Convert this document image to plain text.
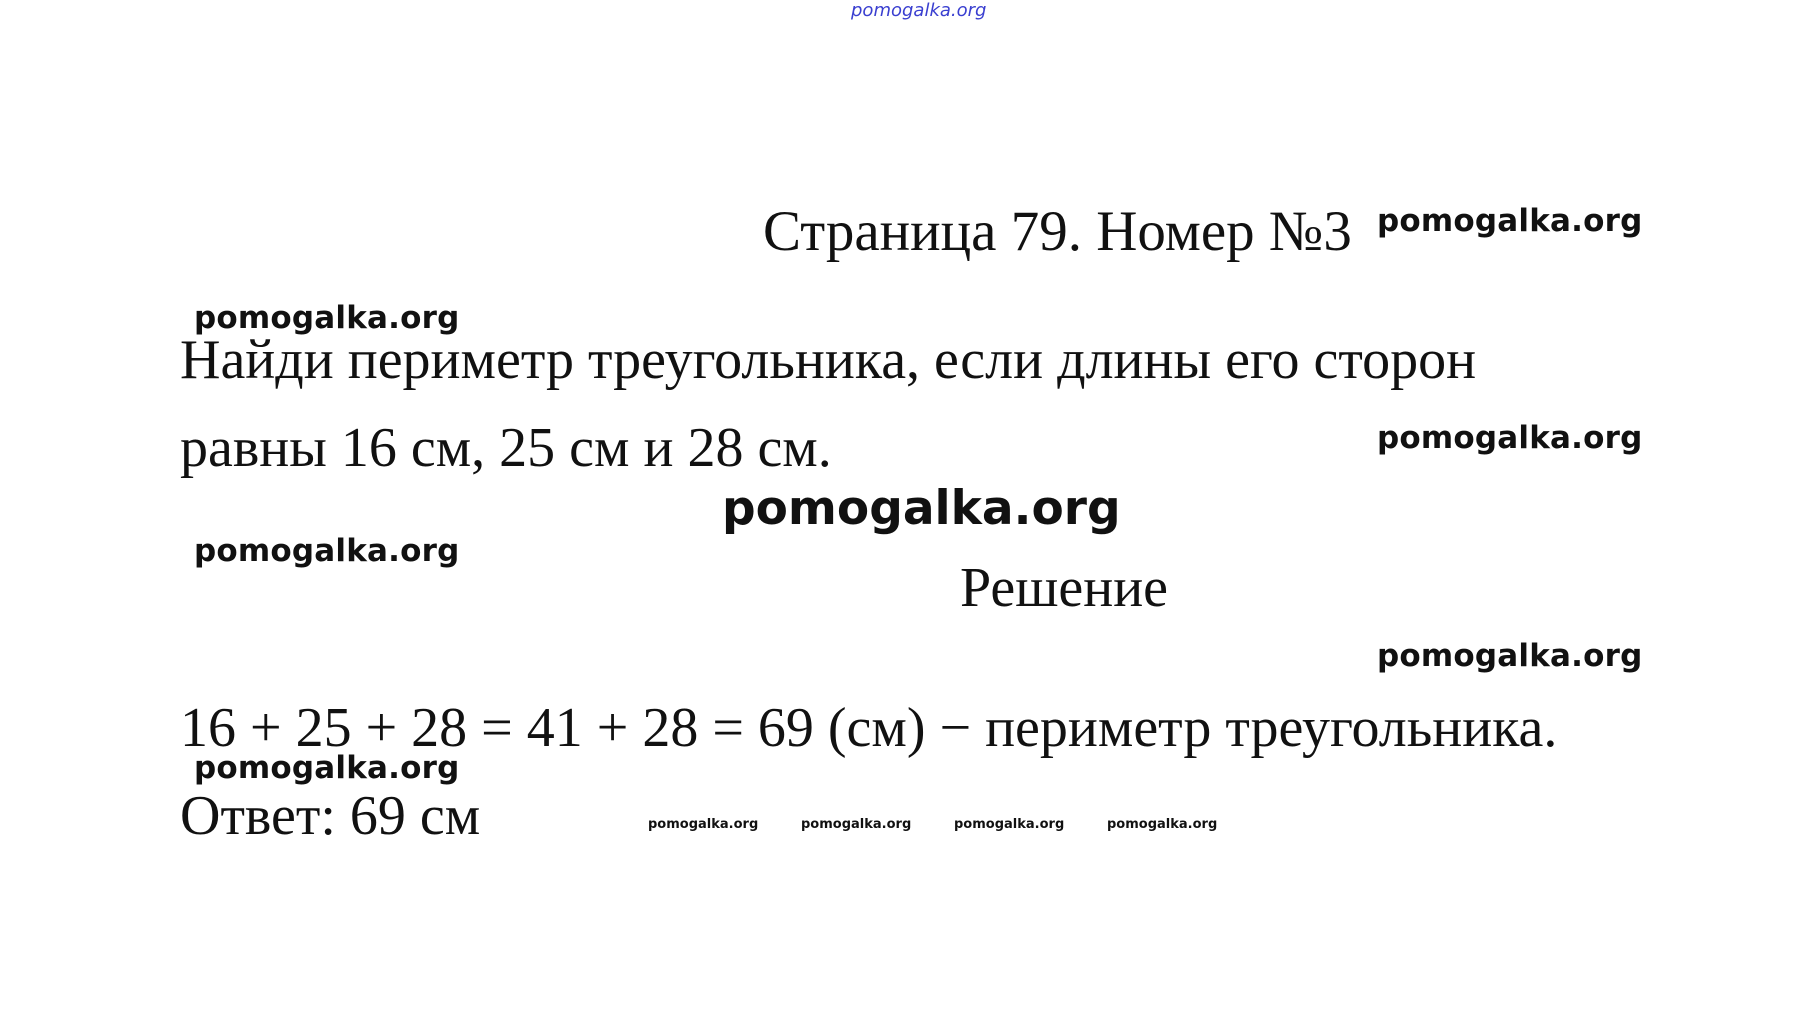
pomogalka.org
Страница 79. Номер №3 pomogalka.org
pomogalka.org
Найди периметр треугольника, если длины его сторон
равны 16 см, 25 см и 28 см.	pomogalka.org
pomogalka.org
pomogalka.org
Решение
pomogalka.org
16 + 25 + 28 = 41 + 28 = 69 (см) − периметр треугольника.
pomogalka.org
Ответ: 69 см	pomogalka.org	pomogalka.org	pomogalka.org	pomogalka.org
